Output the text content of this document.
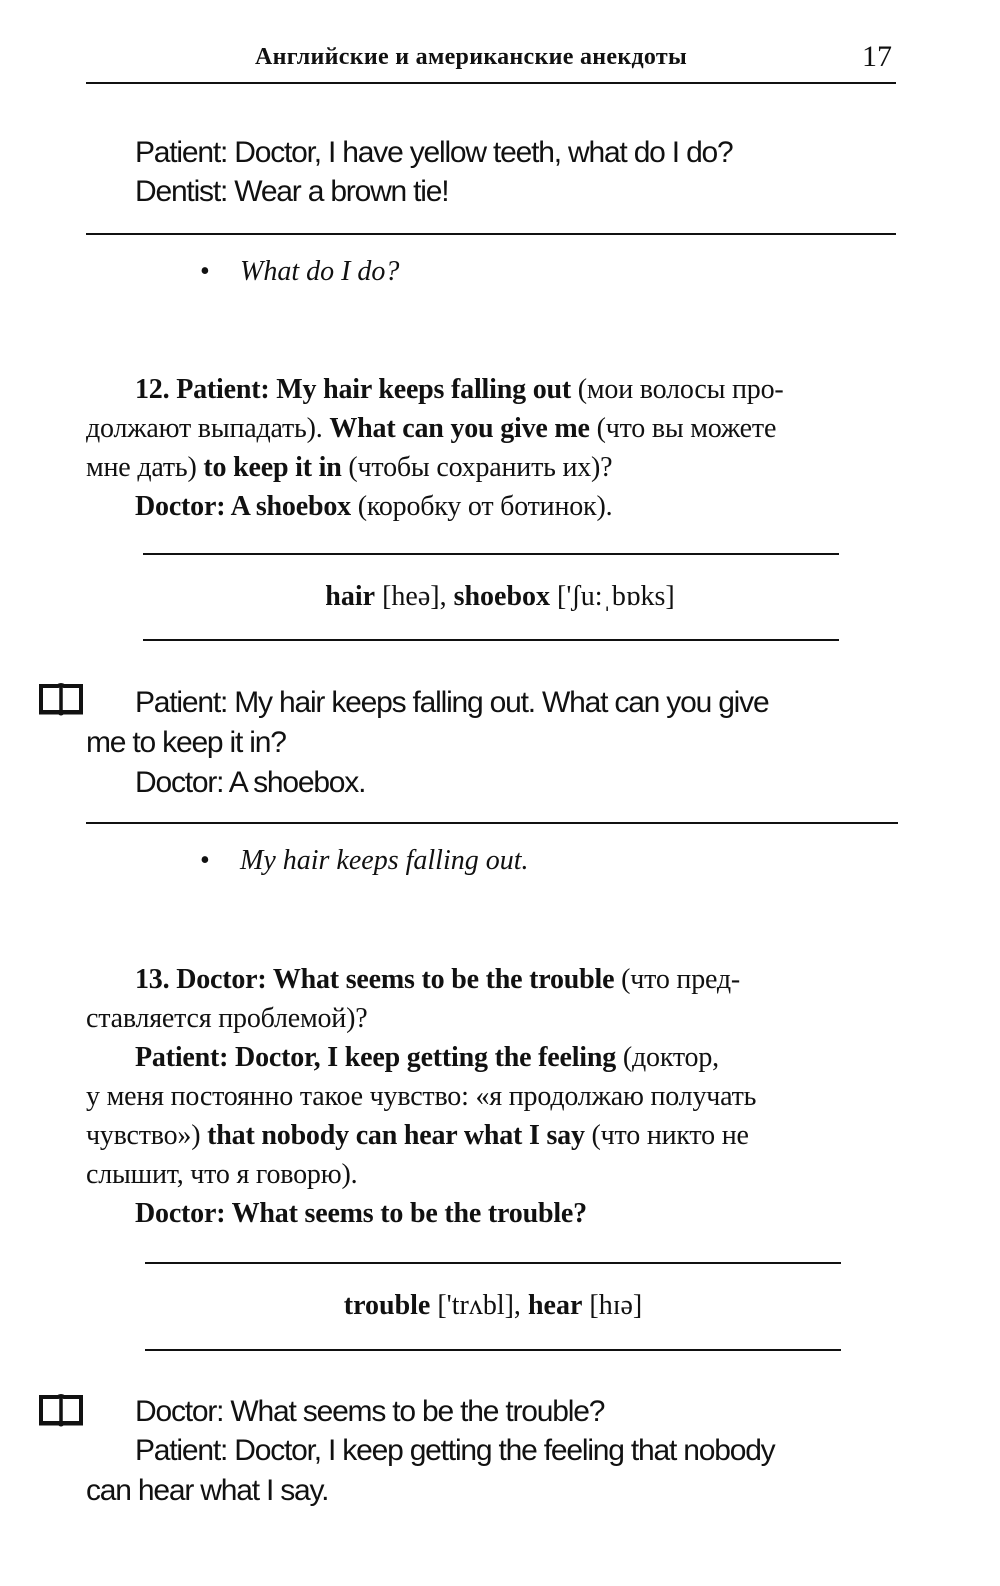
Английские и американские анекдоты	17
Patient: Doctor, I have yellow teeth, what do I do?
Dentist: Wear a brown tie!
• What do I do?
12. Patient: My hair keeps falling out (мои волосы про-
должают выпадать). What can you give me (что вы можете
мне дать) to keep it in (чтобы сохранить их)?
Doctor: A shoebox (коробку от ботинок).
hair [heə], shoebox ['ʃu:ˌbɒks]
Patient: My hair keeps falling out. What can you give
me to keep it in?
Doctor: A shoebox.
• My hair keeps falling out.
13. Doctor: What seems to be the trouble (что пред-
ставляется проблемой)?
Patient: Doctor, I keep getting the feeling (доктор,
у меня постоянно такое чувство: «я продолжаю получать
чувство») that nobody can hear what I say (что никто не
слышит, что я говорю).
Doctor: What seems to be the trouble?
trouble ['trʌbl], hear [hɪə]
Doctor: What seems to be the trouble?
Patient: Doctor, I keep getting the feeling that nobody
can hear what I say.
